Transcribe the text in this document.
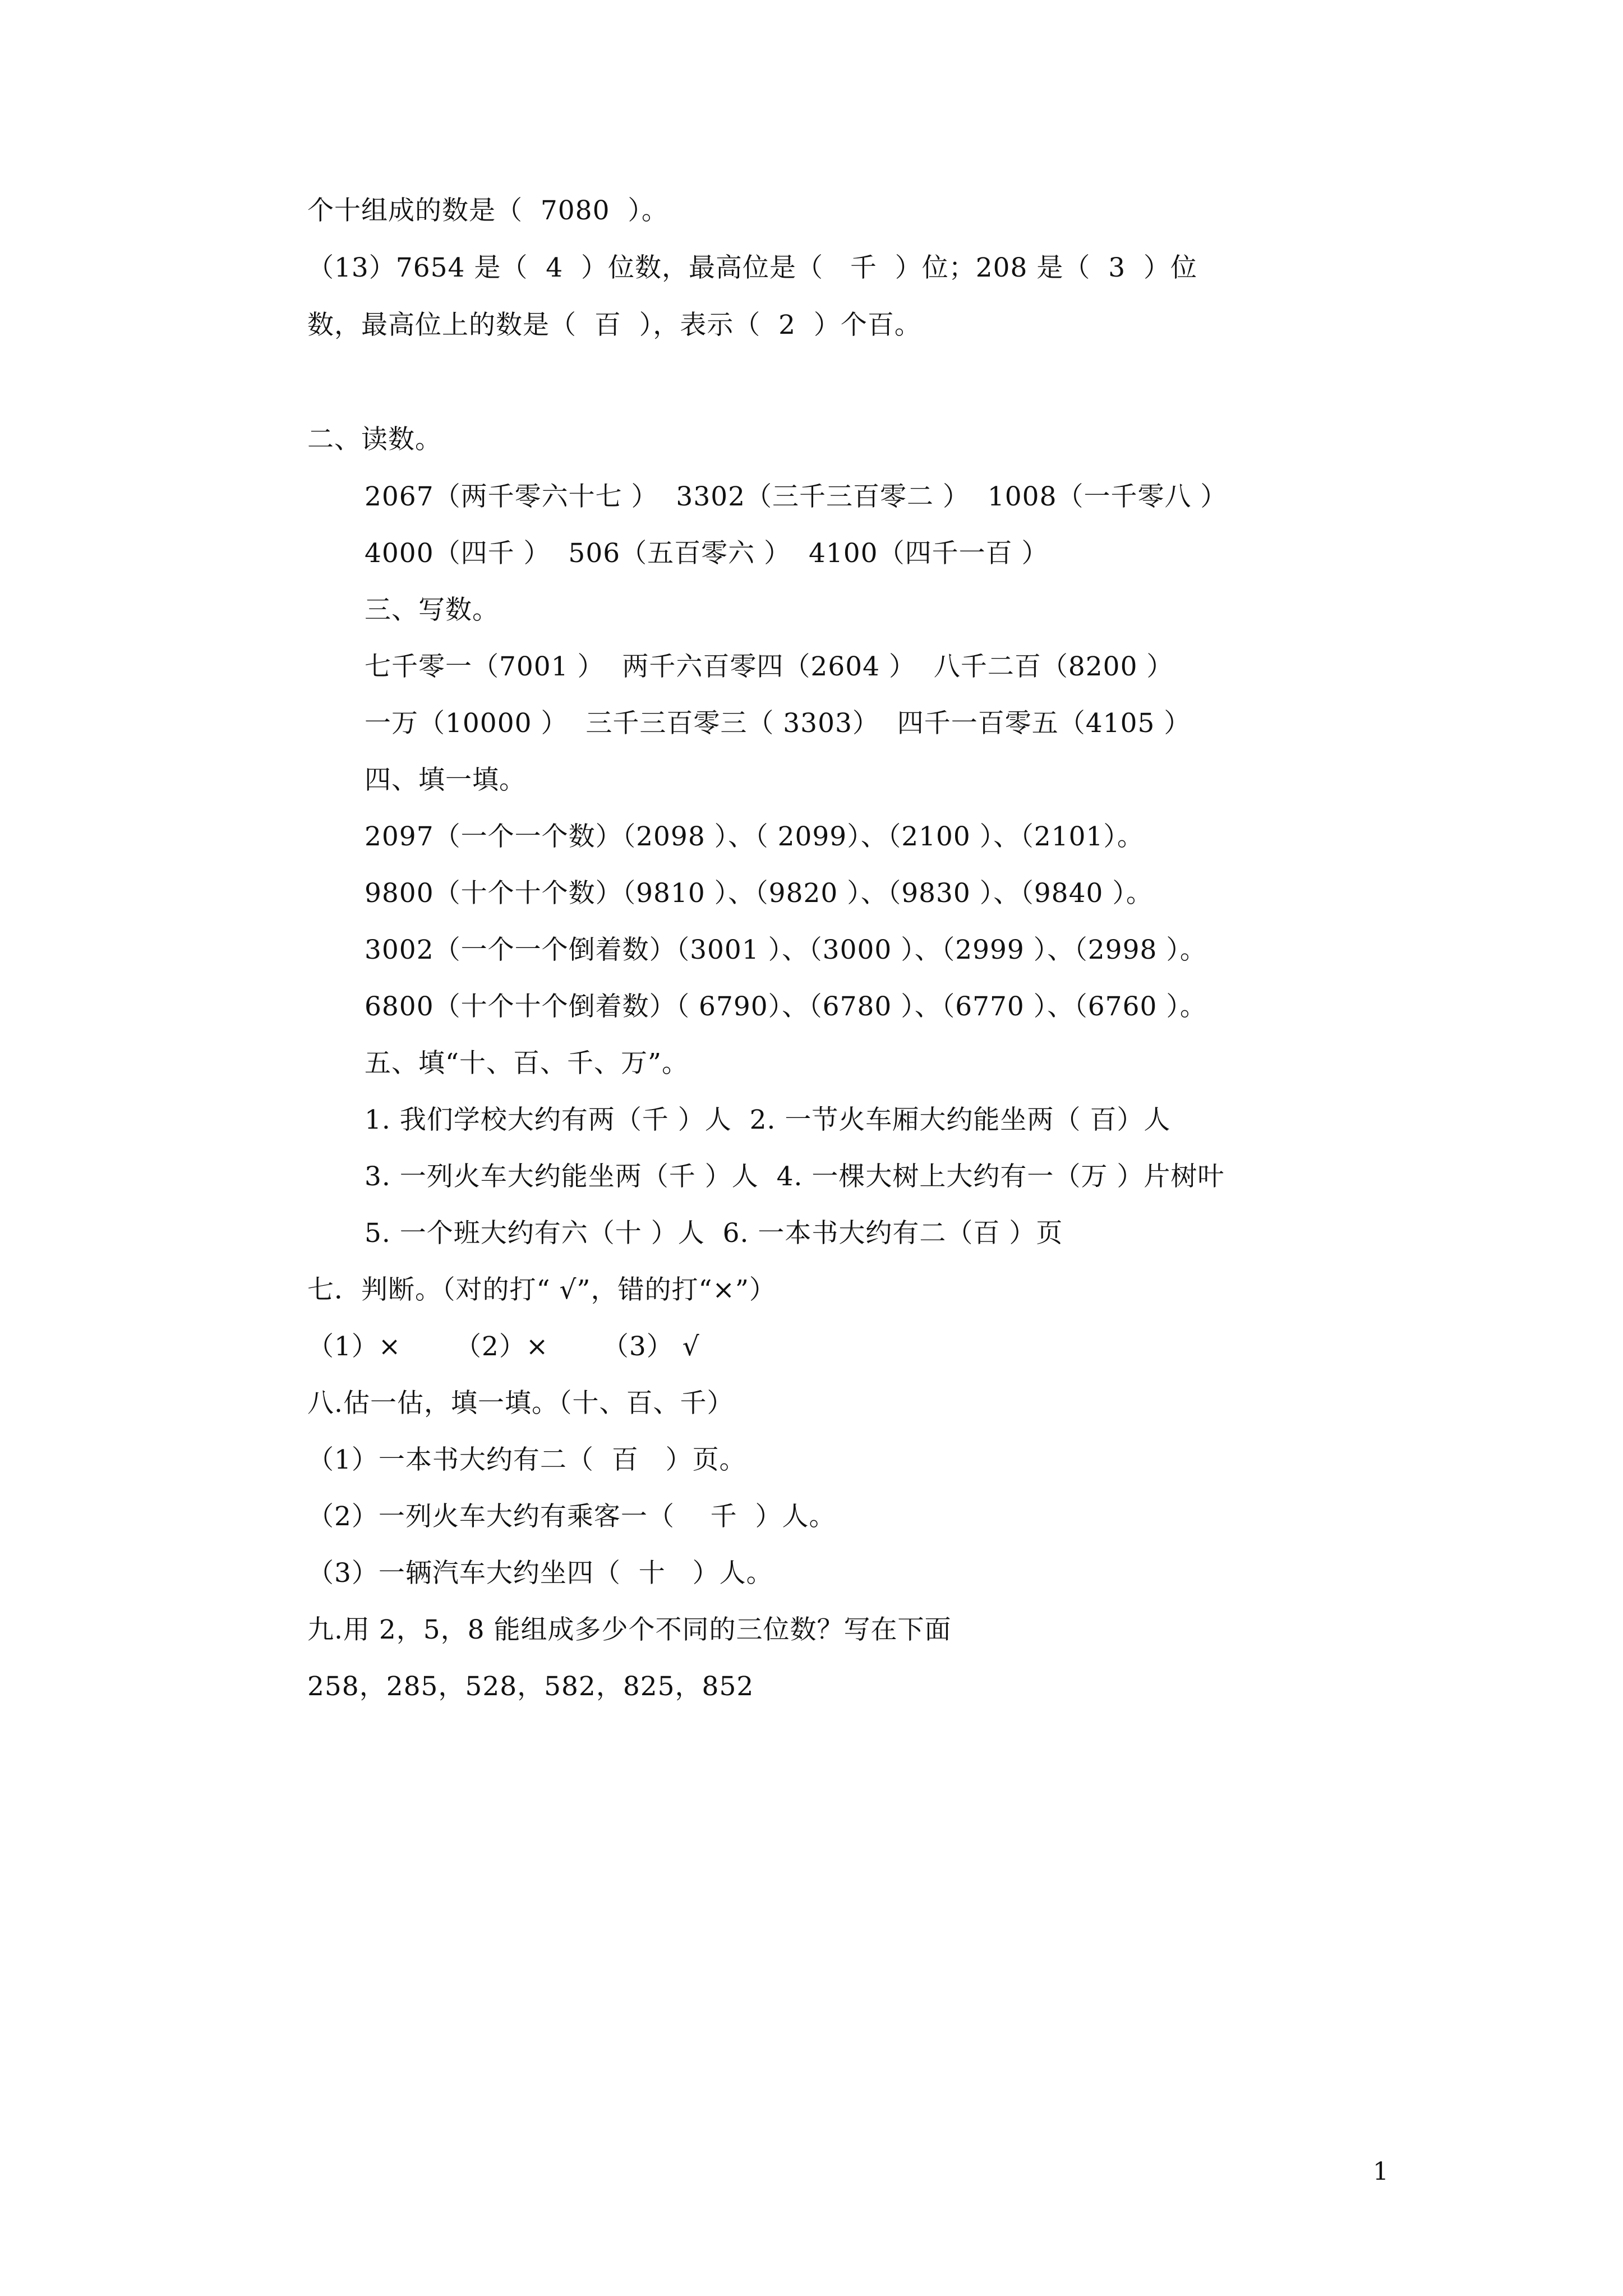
个十组成的数是（  7080  ）。
（13）7654 是（  4  ）位数，最高位是（   千  ）位；208 是（  3  ）位
数，最高位上的数是（  百  ），表示（  2  ）个百。
二、读数。
2067（两千零六十七 ）  3302（三千三百零二 ）  1008（一千零八 ）
4000（四千 ）  506（五百零六 ）  4100（四千一百 ）
三、写数。
七千零一（7001 ）  两千六百零四（2604 ）  八千二百（8200 ）
一万（10000 ）  三千三百零三（ 3303）  四千一百零五（4105 ）
四、填一填。
2097（一个一个数）（2098 ）、（ 2099）、（2100 ）、（2101）。
9800（十个十个数）（9810 ）、（9820 ）、（9830 ）、（9840 ）。
3002（一个一个倒着数）（3001 ）、（3000 ）、（2999 ）、（2998 ）。
6800（十个十个倒着数）（ 6790）、（6780 ）、（6770 ）、（6760 ）。
五、填“十、百、千、万”。
1. 我们学校大约有两（千 ）人  2. 一节火车厢大约能坐两（ 百）人
3. 一列火车大约能坐两（千 ）人  4. 一棵大树上大约有一（万 ）片树叶
5. 一个班大约有六（十 ）人  6. 一本书大约有二（百 ）页
七．判断。（对的打“ √”，错的打“×”）
（1）×      （2）×      （3） √
八.估一估，填一填。（十、百、千）
（1）一本书大约有二（  百   ）页。
（2）一列火车大约有乘客一（    千  ）人。
（3）一辆汽车大约坐四（  十   ）人。
九.用 2，5，8 能组成多少个不同的三位数？写在下面
258，285，528，582，825，852
1
